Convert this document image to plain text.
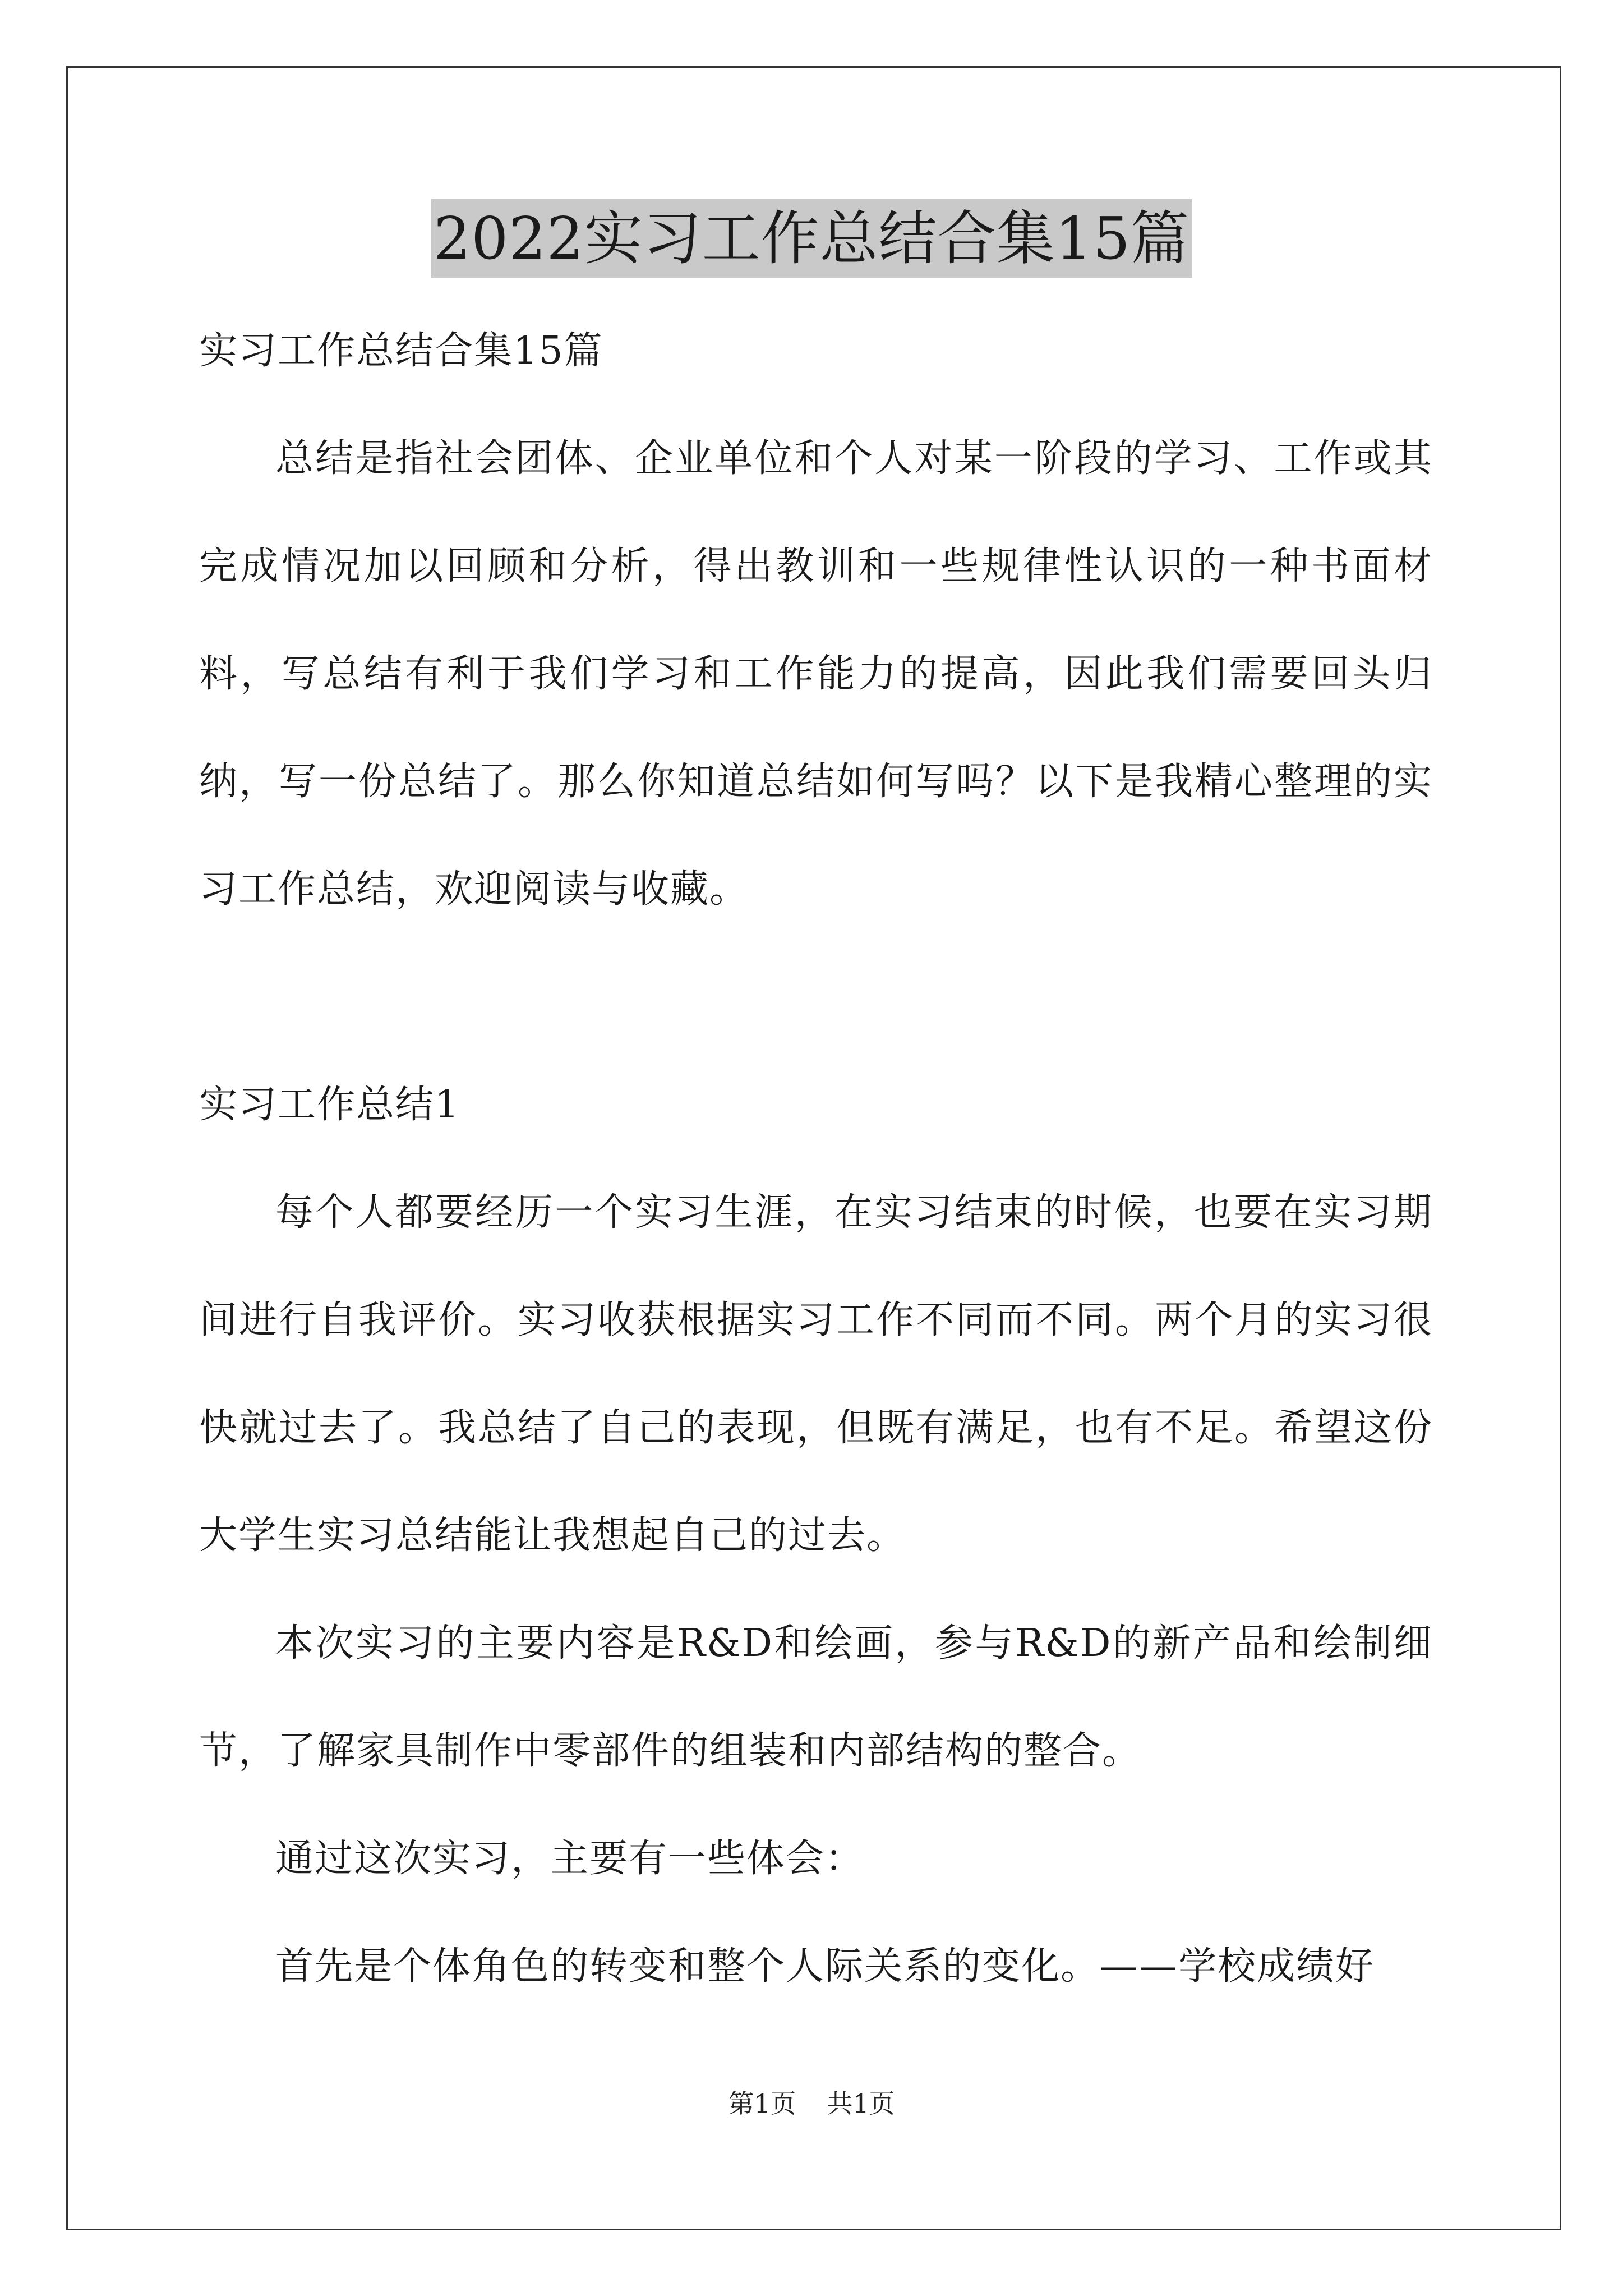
2022实习工作总结合集15篇

实习工作总结合集15篇

总结是指社会团体、企业单位和个人对某一阶段的学习、工作或其完成情况加以回顾和分析，得出教训和一些规律性认识的一种书面材料，写总结有利于我们学习和工作能力的提高，因此我们需要回头归纳，写一份总结了。那么你知道总结如何写吗？以下是我精心整理的实习工作总结，欢迎阅读与收藏。

实习工作总结1

每个人都要经历一个实习生涯，在实习结束的时候，也要在实习期间进行自我评价。实习收获根据实习工作不同而不同。两个月的实习很快就过去了。我总结了自己的表现，但既有满足，也有不足。希望这份大学生实习总结能让我想起自己的过去。

本次实习的主要内容是R&D和绘画，参与R&D的新产品和绘制细节，了解家具制作中零部件的组装和内部结构的整合。

通过这次实习，主要有一些体会：

首先是个体角色的转变和整个人际关系的变化。——学校成绩好

第1页 共1页
